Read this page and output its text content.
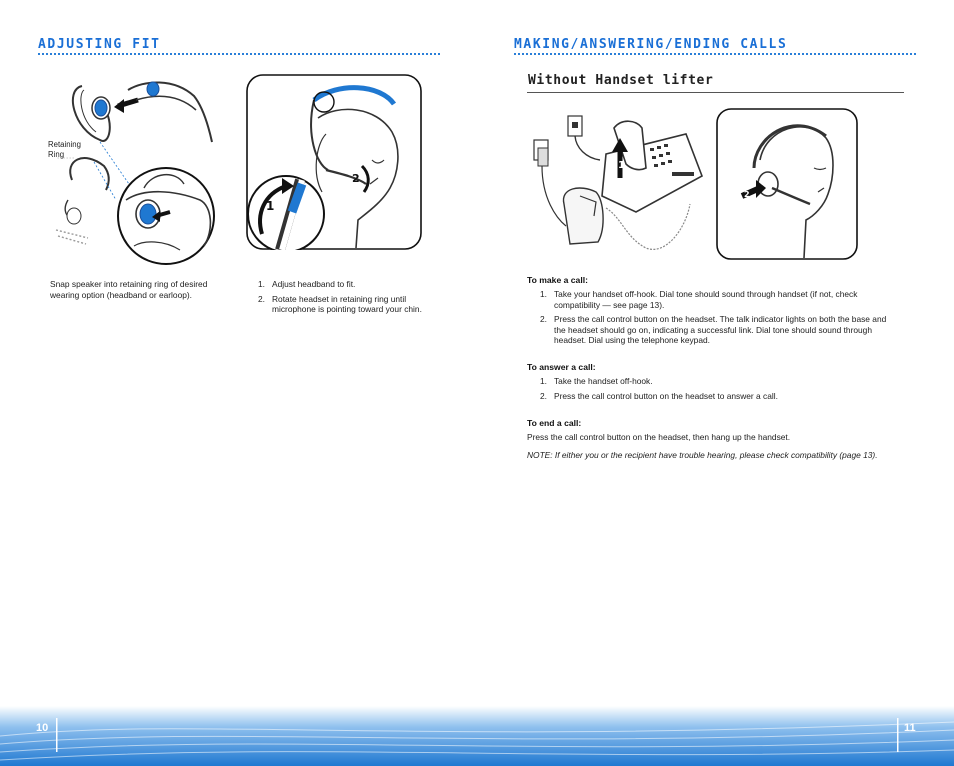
ADJUSTING FIT
Retaining
Ring
2
1
Snap speaker into retaining ring of desired wearing option (headband or earloop).
1. Adjust headband to fit.
2. Rotate headset in retaining ring until microphone is pointing toward your chin.
MAKING/ANSWERING/ENDING CALLS
Without Handset lifter
1
2
To make a call:
1. Take your handset off-hook. Dial tone should sound through handset (if not, check compatibility — see page 13).
2. Press the call control button on the headset. The talk indicator lights on both the base and the headset should go on, indicating a successful link. Dial tone should sound through headset. Dial using the telephone keypad.
To answer a call:
1. Take the handset off-hook.
2. Press the call control button on the headset to answer a call.
To end a call:
Press the call control button on the headset, then hang up the handset.
NOTE: If either you or the recipient have trouble hearing, please check compatibility (page 13).
10	11
